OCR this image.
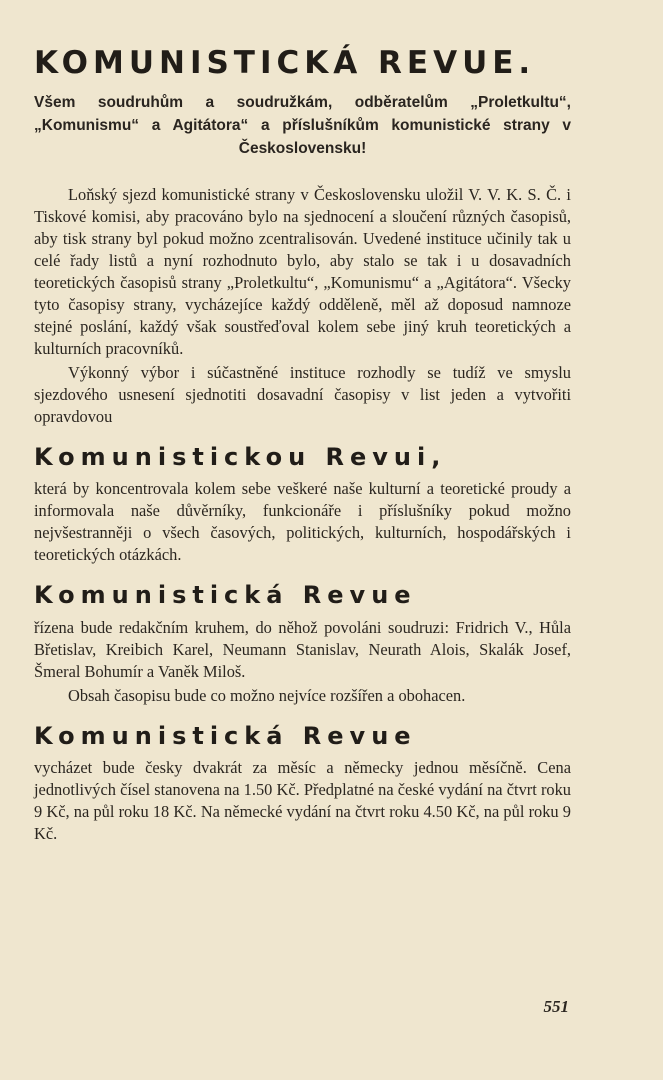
KOMUNISTICKÁ REVUE.
Všem soudruhům a soudružkám, odběratelům „Proletkultu“, „Komunismu“ a Agitátora“ a příslušníkům komunistické strany v Československu!

Loňský sjezd komunistické strany v Československu uložil V. V. K. S. Č. i Tiskové komisi, aby pracováno bylo na sjednocení a sloučení různých časopisů, aby tisk strany byl pokud možno zcentralisován. Uvedené instituce učinily tak u celé řady listů a nyní rozhodnuto bylo, aby stalo se tak i u dosavadních teoretických časopisů strany „Proletkultu“, „Komunismu“ a „Agitátora“. Všecky tyto časopisy strany, vycházejíce každý odděleně, měl až doposud namnoze stejné poslání, každý však soustřeďoval kolem sebe jiný kruh teoretických a kulturních pracovníků.

Výkonný výbor i súčastněné instituce rozhodly se tudíž ve smyslu sjezdového usnesení sjednotiti dosavadní časopisy v list jeden a vytvořiti opravdovou

Komunistickou Revui,

která by koncentrovala kolem sebe veškeré naše kulturní a teoretické proudy a informovala naše důvěrníky, funkcionáře i příslušníky pokud možno nejvšestranněji o všech časových, politických, kulturních, hospodářských i teoretických otázkách.

Komunistická Revue

řízena bude redakčním kruhem, do něhož povoláni soudruzi: Fridrich V., Hůla Břetislav, Kreibich Karel, Neumann Stanislav, Neurath Alois, Skalák Josef, Šmeral Bohumír a Vaněk Miloš.

Obsah časopisu bude co možno nejvíce rozšířen a obohacen.

Komunistická Revue

vycházet bude česky dvakrát za měsíc a německy jednou měsíčně. Cena jednotlivých čísel stanovena na 1.50 Kč. Předplatné na české vydání na čtvrt roku 9 Kč, na půl roku 18 Kč. Na německé vydání na čtvrt roku 4.50 Kč, na půl roku 9 Kč.

551
